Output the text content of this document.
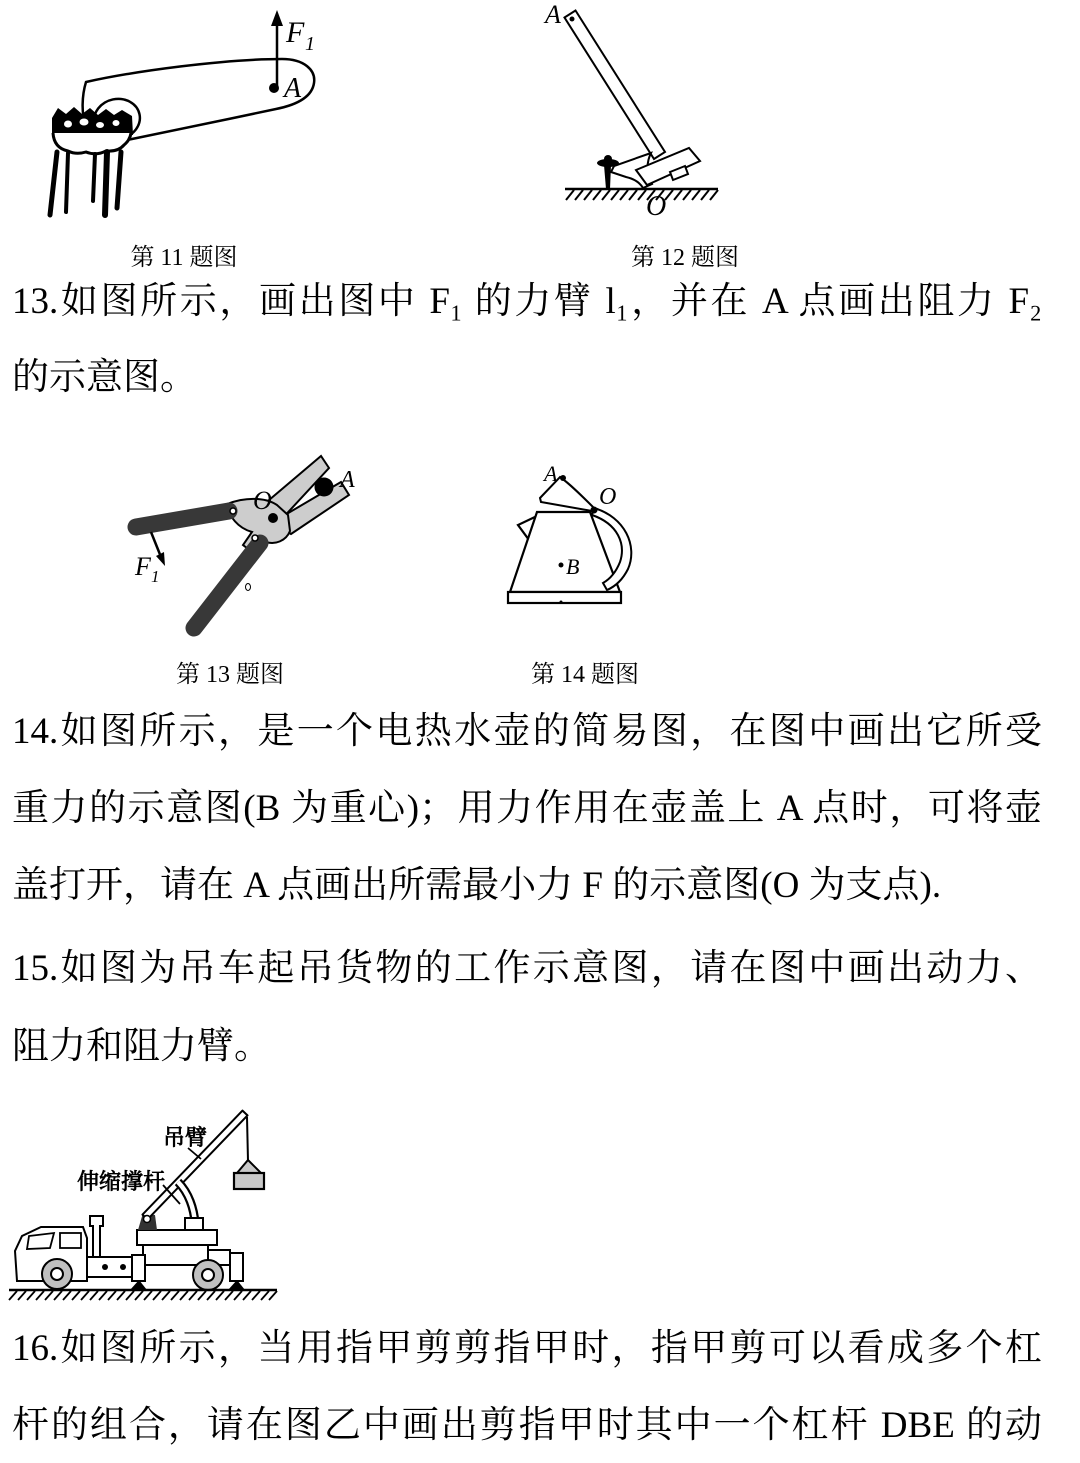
F 1
A
第 11 题图
A
O
第 12 题图
13.如图所示，画出图中 F₁ 的力臂 l₁，并在 A 点画出阻力 F₂
的示意图。
O
A
F 1
第 13 题图
A
O
B
第 14 题图
14.如图所示，是一个电热水壶的简易图，在图中画出它所受
重力的示意图(B 为重心)；用力作用在壶盖上 A 点时，可将壶
盖打开，请在 A 点画出所需最小力 F 的示意图(O 为支点).
15.如图为吊车起吊货物的工作示意图，请在图中画出动力、
阻力和阻力臂。
吊臂
伸缩撑杆
16.如图所示，当用指甲剪剪指甲时，指甲剪可以看成多个杠
杆的组合，请在图乙中画出剪指甲时其中一个杠杆 DBE 的动
